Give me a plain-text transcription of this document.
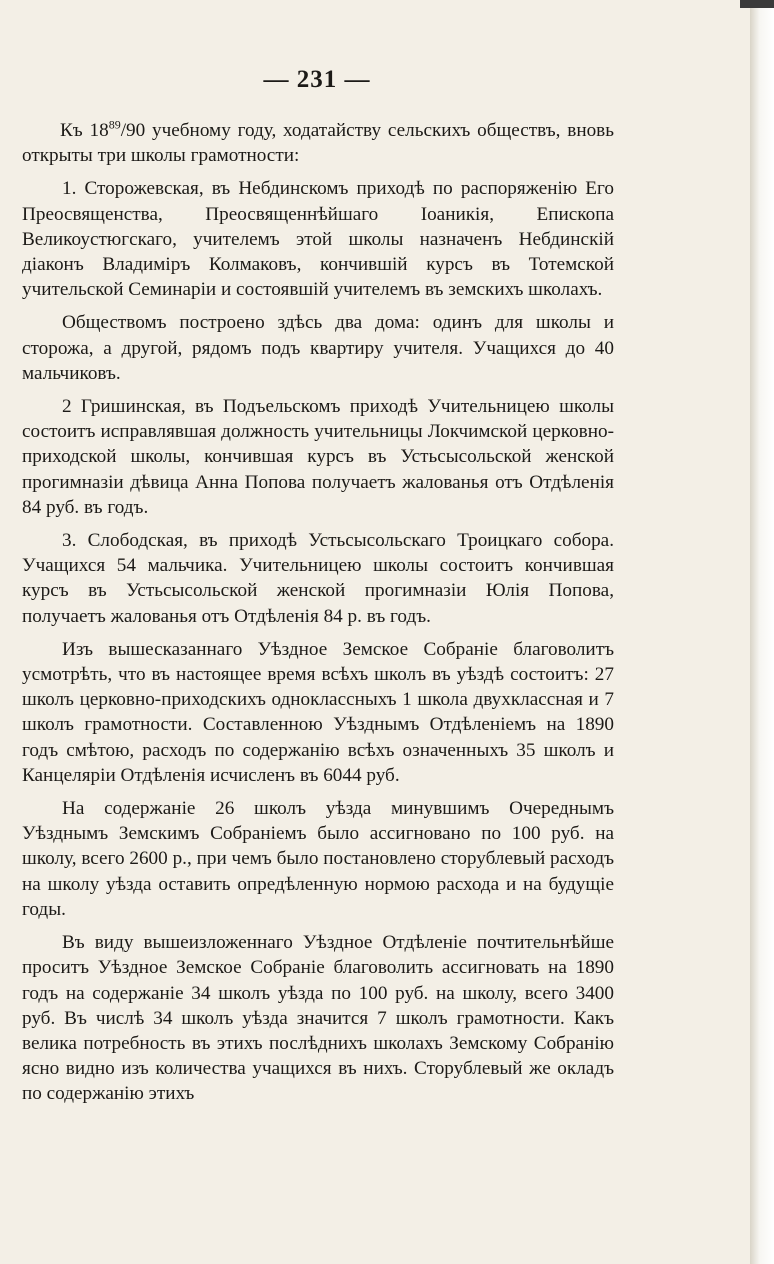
— 231 —

Къ $18^{89}/90$ учебному году, ходатайству сельскихъ обществъ, вновь открыты три школы грамотности:

1. Сторожевская, въ Небдинскомъ приходѣ по распоряженію Его Преосвященства, Преосвященнѣйшаго Іоаникія, Епископа Великоустюгскаго, учителемъ этой школы назначенъ Небдинскій діаконъ Владиміръ Колмаковъ, кончившій курсъ въ Тотемской учительской Семинаріи и состоявшій учителемъ въ земскихъ школахъ.

Обществомъ построено здѣсь два дома: одинъ для школы и сторожа, а другой, рядомъ подъ квартиру учителя. Учащихся до 40 мальчиковъ.

2 Гришинская, въ Подъельскомъ приходѣ Учительницею школы состоитъ исправлявшая должность учительницы Локчимской церковно-приходской школы, кончившая курсъ въ Устьсысольской женской прогимназіи дѣвица Анна Попова получаетъ жалованья отъ Отдѣленія 84 руб. въ годъ.

3. Слободская, въ приходѣ Устьсысольскаго Троицкаго собора. Учащихся 54 мальчика. Учительницею школы состоитъ кончившая курсъ въ Устьсысольской женской прогимназіи Юлія Попова, получаетъ жалованья отъ Отдѣленія 84 р. въ годъ.

Изъ вышесказаннаго Уѣздное Земское Собраніе благоволитъ усмотрѣть, что въ настоящее время всѣхъ школъ въ уѣздѣ состоитъ: 27 школъ церковно-приходскихъ одноклассныхъ 1 школа двухклассная и 7 школъ грамотности. Составленною Уѣзднымъ Отдѣленіемъ на 1890 годъ смѣтою, расходъ по содержанію всѣхъ означенныхъ 35 школъ и Канцеляріи Отдѣленія исчисленъ въ 6044 руб.

На содержаніе 26 школъ уѣзда минувшимъ Очереднымъ Уѣзднымъ Земскимъ Собраніемъ было ассигновано по 100 руб. на школу, всего 2600 р., при чемъ было постановлено сторублевый расходъ на школу уѣзда оставить опредѣленную нормою расхода и на будущіе годы.

Въ виду вышеизложеннаго Уѣздное Отдѣленіе почтительнѣйше проситъ Уѣздное Земское Собраніе благоволить ассигновать на 1890 годъ на содержаніе 34 школъ уѣзда по 100 руб. на школу, всего 3400 руб. Въ числѣ 34 школъ уѣзда значится 7 школъ грамотности. Какъ велика потребность въ этихъ послѣднихъ школахъ Земскому Собранію ясно видно изъ количества учащихся въ нихъ. Сторублевый же окладъ по содержанію этихъ
